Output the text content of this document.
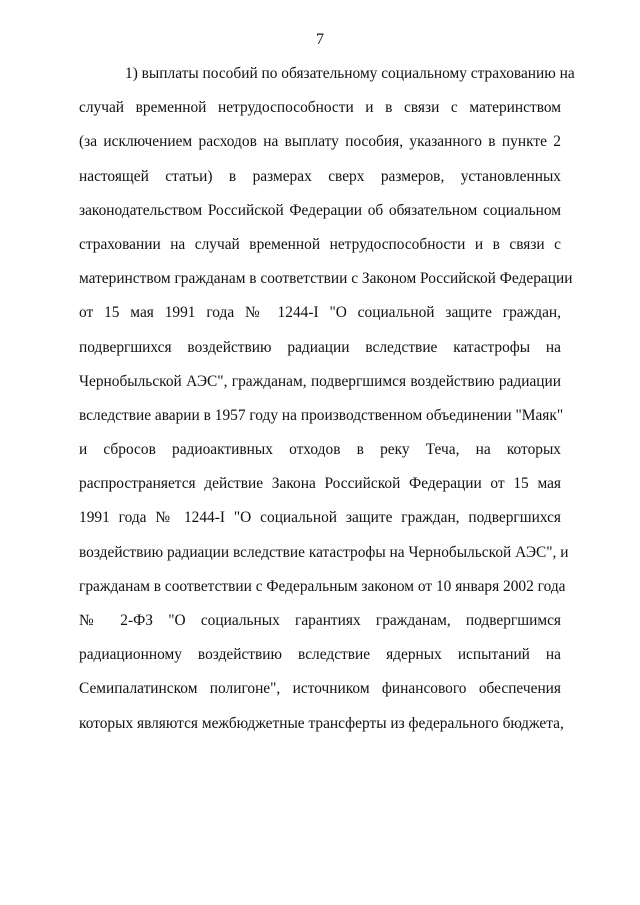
7
1) выплаты пособий по обязательному социальному страхованию на
случай временной нетрудоспособности и в связи с материнством
(за исключением расходов на выплату пособия, указанного в пункте 2
настоящей статьи) в размерах сверх размеров, установленных
законодательством Российской Федерации об обязательном социальном
страховании на случай временной нетрудоспособности и в связи с
материнством гражданам в соответствии с Законом Российской Федерации
от 15 мая 1991 года № 1244-I "О социальной защите граждан,
подвергшихся воздействию радиации вследствие катастрофы на
Чернобыльской АЭС", гражданам, подвергшимся воздействию радиации
вследствие аварии в 1957 году на производственном объединении "Маяк"
и сбросов радиоактивных отходов в реку Теча, на которых
распространяется действие Закона Российской Федерации от 15 мая
1991 года № 1244-I "О социальной защите граждан, подвергшихся
воздействию радиации вследствие катастрофы на Чернобыльской АЭС", и
гражданам в соответствии с Федеральным законом от 10 января 2002 года
№ 2-ФЗ "О социальных гарантиях гражданам, подвергшимся
радиационному воздействию вследствие ядерных испытаний на
Семипалатинском полигоне", источником финансового обеспечения
которых являются межбюджетные трансферты из федерального бюджета,
